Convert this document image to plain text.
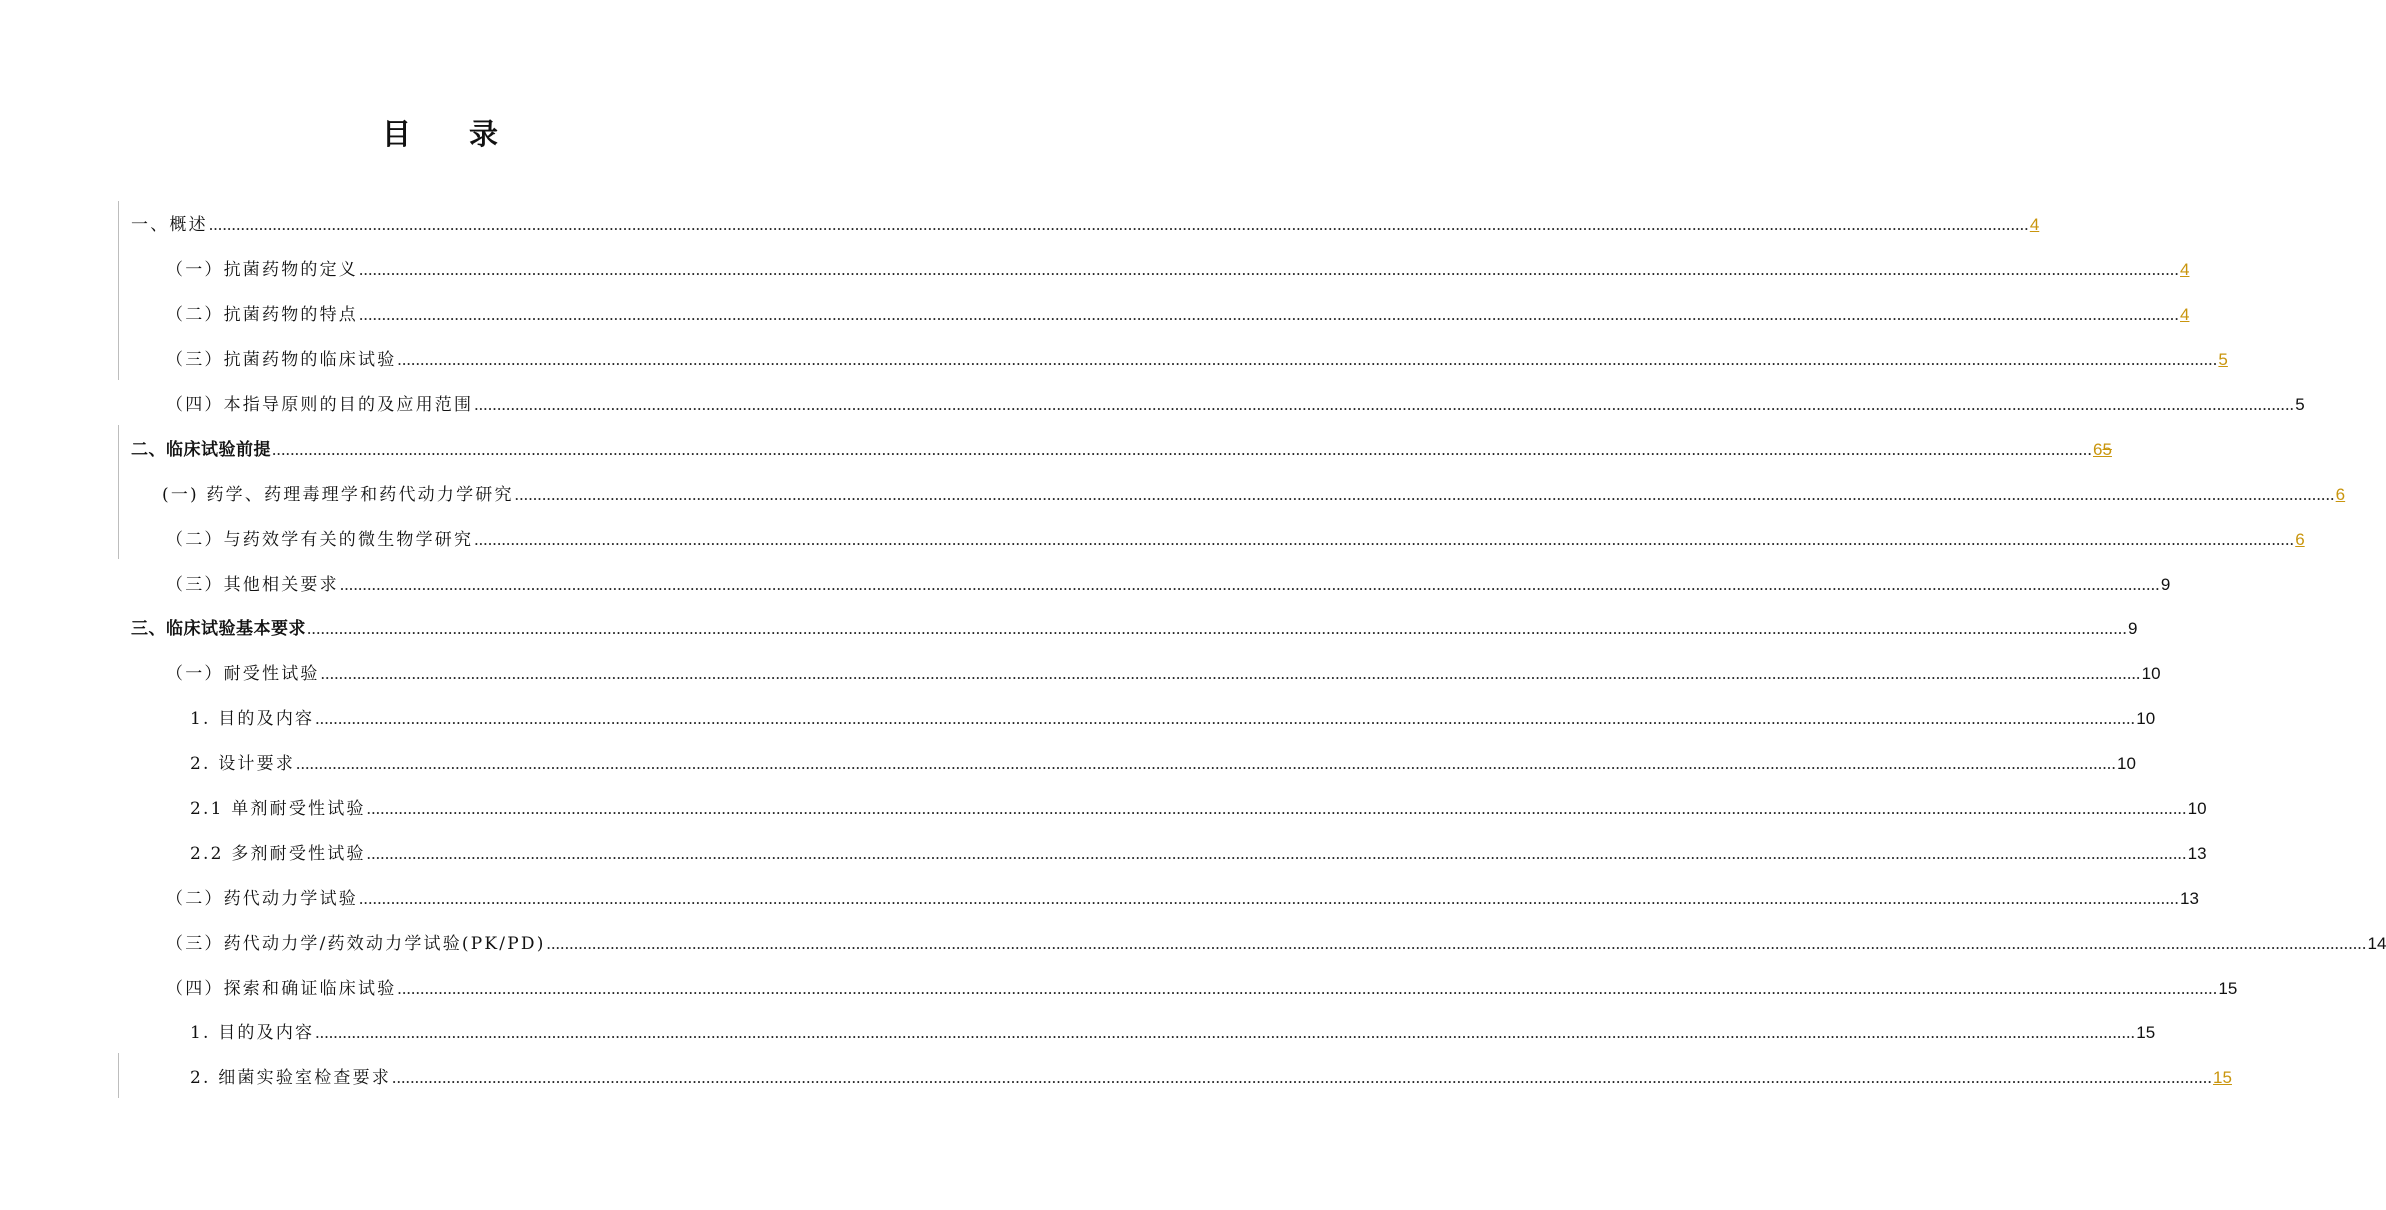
目 录
一、概述 ................................................................................................................................................................................................................................................................................................................................................................................................................ 4
（一）抗菌药物的定义 ................................................................................................................................................................................................................................................................................................................................................................................................................ 4
（二）抗菌药物的特点 ................................................................................................................................................................................................................................................................................................................................................................................................................ 4
（三）抗菌药物的临床试验 ................................................................................................................................................................................................................................................................................................................................................................................................................ 5
（四）本指导原则的目的及应用范围 ................................................................................................................................................................................................................................................................................................................................................................................................................ 5
二、临床试验前提 ................................................................................................................................................................................................................................................................................................................................................................................................................ 65
(一) 药学、药理毒理学和药代动力学研究 ................................................................................................................................................................................................................................................................................................................................................................................................................ 6
（二）与药效学有关的微生物学研究 ................................................................................................................................................................................................................................................................................................................................................................................................................ 6
（三）其他相关要求 ................................................................................................................................................................................................................................................................................................................................................................................................................ 9
三、临床试验基本要求 ................................................................................................................................................................................................................................................................................................................................................................................................................ 9
（一）耐受性试验 ................................................................................................................................................................................................................................................................................................................................................................................................................ 10
1. 目的及内容 ................................................................................................................................................................................................................................................................................................................................................................................................................ 10
2. 设计要求 ................................................................................................................................................................................................................................................................................................................................................................................................................ 10
2.1 单剂耐受性试验 ................................................................................................................................................................................................................................................................................................................................................................................................................ 10
2.2 多剂耐受性试验 ................................................................................................................................................................................................................................................................................................................................................................................................................ 13
（二）药代动力学试验 ................................................................................................................................................................................................................................................................................................................................................................................................................ 13
（三）药代动力学/药效动力学试验(PK/PD) ................................................................................................................................................................................................................................................................................................................................................................................................................ 14
（四）探索和确证临床试验 ................................................................................................................................................................................................................................................................................................................................................................................................................ 15
1. 目的及内容 ................................................................................................................................................................................................................................................................................................................................................................................................................ 15
2. 细菌实验室检查要求 ................................................................................................................................................................................................................................................................................................................................................................................................................ 15
